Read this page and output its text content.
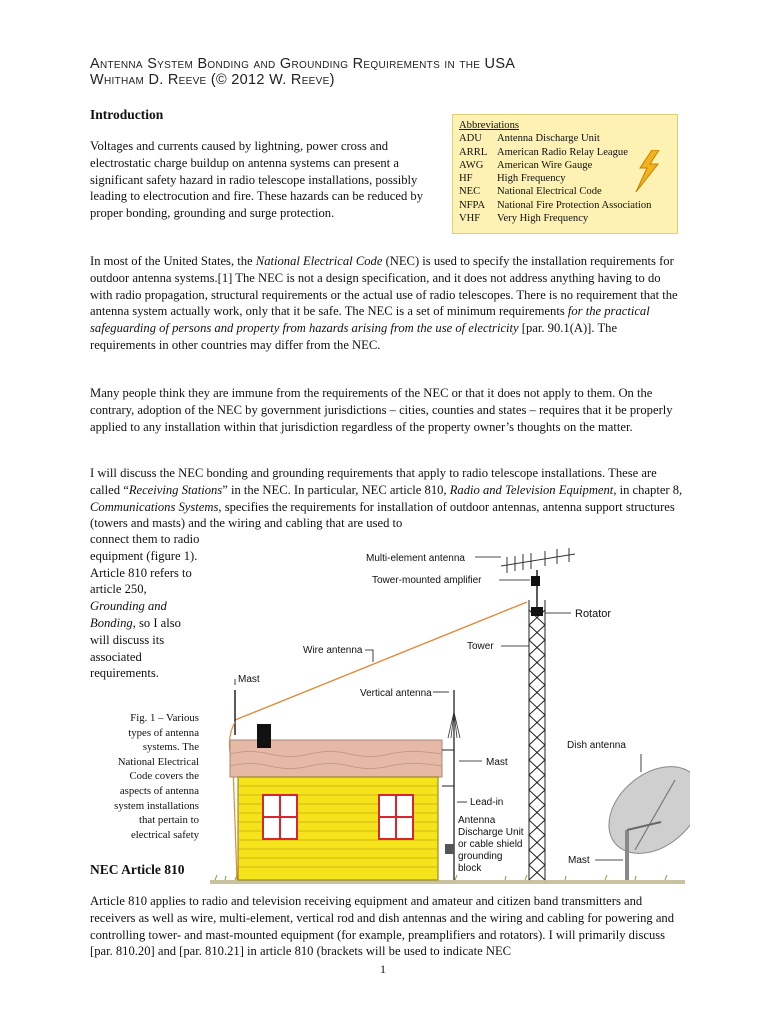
Antenna System Bonding and Grounding Requirements in the USA
Whitham D. Reeve (© 2012 W. Reeve)
Introduction

Voltages and currents caused by lightning, power cross and electrostatic charge buildup on antenna systems can present a significant safety hazard in radio telescope installations, possibly leading to electrocution and fire. These hazards can be reduced by proper bonding, grounding and surge protection.

Abbreviations
ADU	Antenna Discharge Unit
ARRL American Radio Relay League
AWG	American Wire Gauge
HF	High Frequency
NEC	National Electrical Code
NFPA	National Fire Protection Association
VHF	Very High Frequency

In most of the United States, the National Electrical Code (NEC) is used to specify the installation requirements for outdoor antenna systems.[1] The NEC is not a design specification, and it does not address anything having to do with radio propagation, structural requirements or the actual use of radio telescopes. There is no requirement that the antenna system actually work, only that it be safe. The NEC is a set of minimum requirements for the practical safeguarding of persons and property from hazards arising from the use of electricity [par. 90.1(A)]. The requirements in other countries may differ from the NEC.

Many people think they are immune from the requirements of the NEC or that it does not apply to them. On the contrary, adoption of the NEC by government jurisdictions – cities, counties and states – requires that it be properly applied to any installation within that jurisdiction regardless of the property owner’s thoughts on the matter.

I will discuss the NEC bonding and grounding requirements that apply to radio telescope installations. These are called “Receiving Stations” in the NEC. In particular, NEC article 810, Radio and Television Equipment, in chapter 8, Communications Systems, specifies the requirements for installation of outdoor antennas, antenna support structures (towers and masts) and the wiring and cabling that are used to

connect them to radio equipment (figure 1). Article 810 refers to article 250, Grounding and Bonding, so I also will discuss its associated requirements.
Fig. 1 – Various types of antenna systems. The National Electrical Code covers the aspects of antenna system installations that pertain to electrical safety
Multi-element antenna
Tower-mounted amplifier
Rotator
Tower
Wire antenna
Mast
Vertical antenna
Mast
Dish antenna
Lead-in
Antenna
Discharge Unit
or cable shield
grounding
block
Mast
NEC Article 810

Article 810 applies to radio and television receiving equipment and amateur and citizen band transmitters and receivers as well as wire, multi-element, vertical rod and dish antennas and the wiring and cabling for powering and controlling tower- and mast-mounted equipment (for example, preamplifiers and rotators). I will primarily discuss [par. 810.20] and [par. 810.21] in article 810 (brackets will be used to indicate NEC

1
